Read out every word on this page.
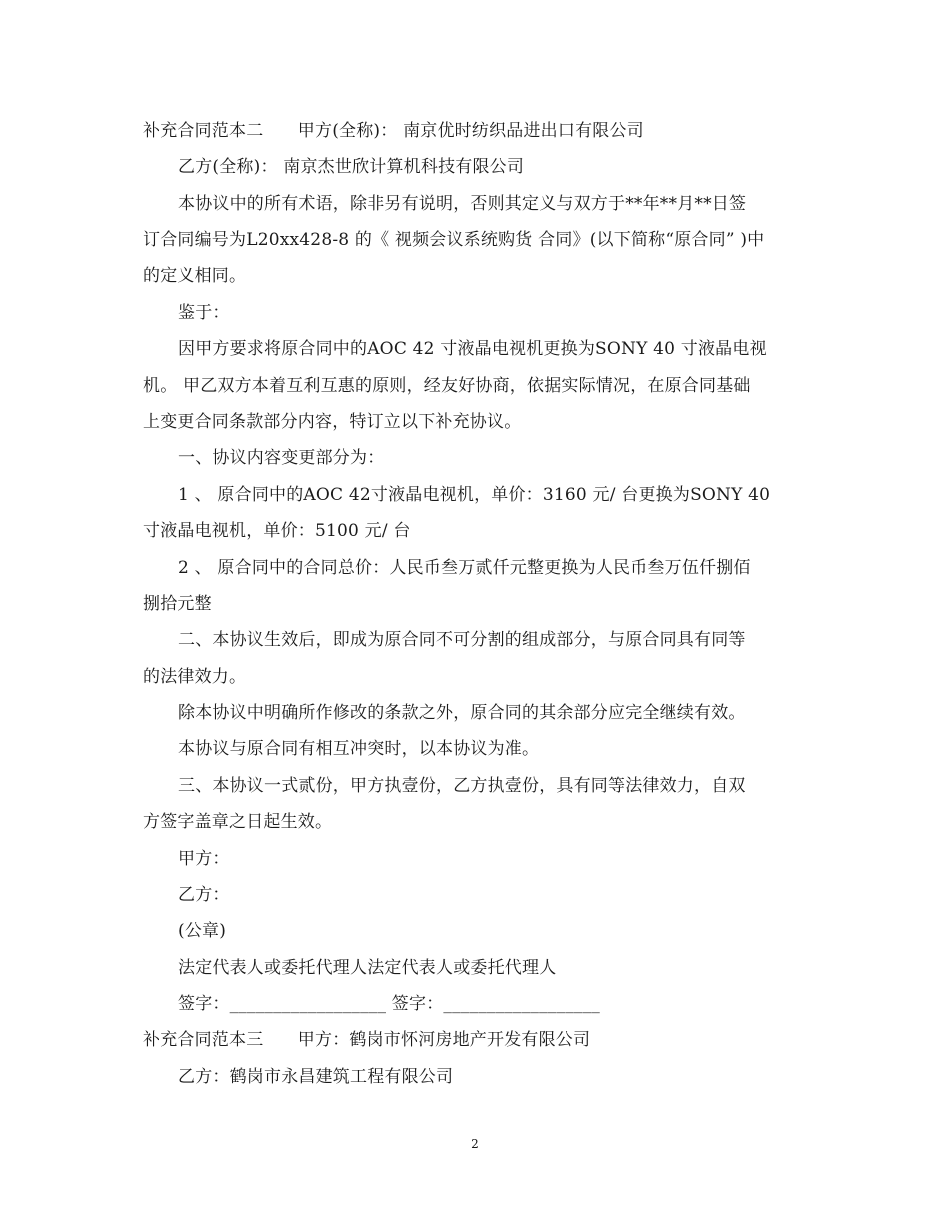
补充合同范本二　　甲方(全称)： 南京优时纺织品进出口有限公司
乙方(全称)： 南京杰世欣计算机科技有限公司
本协议中的所有术语，除非另有说明，否则其定义与双方于**年**月**日签
订合同编号为L20xx428-8 的《 视频会议系统购货 合同》(以下简称“原合同” )中
的定义相同。
鉴于：
因甲方要求将原合同中的AOC 42 寸液晶电视机更换为SONY 40 寸液晶电视
机。 甲乙双方本着互利互惠的原则，经友好协商，依据实际情况，在原合同基础
上变更合同条款部分内容，特订立以下补充协议。
一、协议内容变更部分为：
1 、 原合同中的AOC 42寸液晶电视机，单价：3160 元/ 台更换为SONY 40
寸液晶电视机，单价：5100 元/ 台
2 、 原合同中的合同总价：人民币叁万贰仟元整更换为人民币叁万伍仟捌佰
捌拾元整
二、本协议生效后，即成为原合同不可分割的组成部分，与原合同具有同等
的法律效力。
除本协议中明确所作修改的条款之外，原合同的其余部分应完全继续有效。
本协议与原合同有相互冲突时，以本协议为准。
三、本协议一式贰份，甲方执壹份，乙方执壹份，具有同等法律效力，自双
方签字盖章之日起生效。
甲方：
乙方：
(公章)
法定代表人或委托代理人法定代表人或委托代理人
签字：__________________ 签字：__________________
补充合同范本三　　甲方：鹤岗市怀河房地产开发有限公司
乙方：鹤岗市永昌建筑工程有限公司
2
